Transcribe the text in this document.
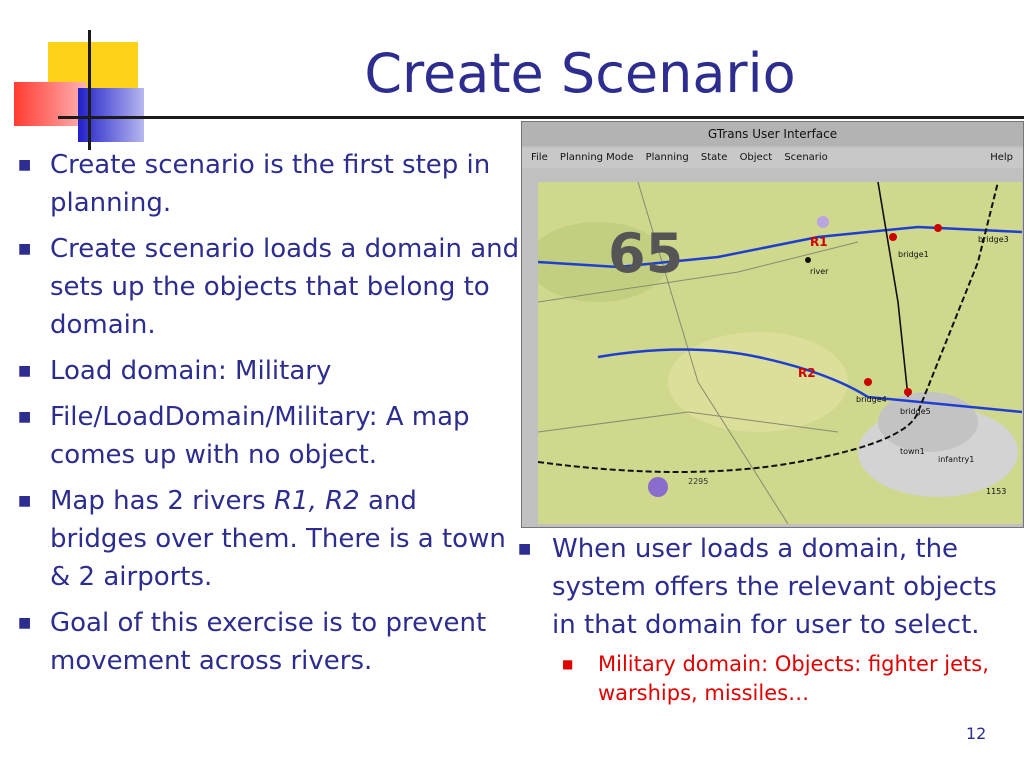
Create Scenario
■ Create scenario is the first step in planning.
■ Create scenario loads a domain and sets up the objects that belong to domain.
■ Load domain: Military
■ File/LoadDomain/Military: A map comes up with no object.
■ Map has 2 rivers R1, R2 and bridges over them. There is a town & 2 airports.
■ Goal of this exercise is to prevent movement across rivers.
GTrans User Interface
File Planning Mode Planning State Object Scenario	Help
65	R1
R2
river
bridge1
bridge3
bridge4
bridge5
town1
infantry1
2295
1153
■ When user loads a domain, the system offers the relevant objects in that domain for user to select.
■ Military domain: Objects: fighter jets, warships, missiles…
12
